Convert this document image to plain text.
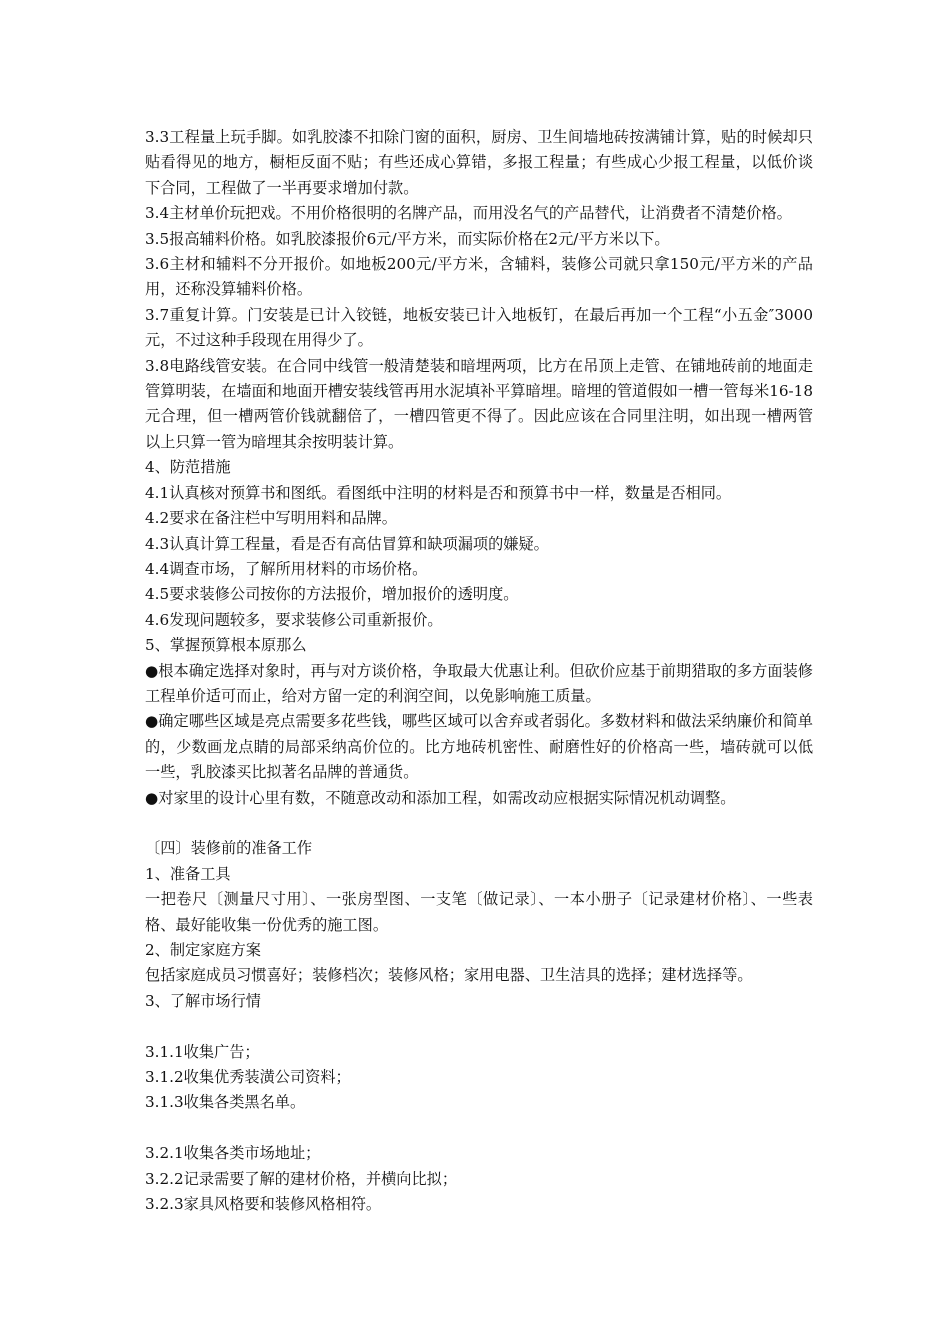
3.3工程量上玩手脚。如乳胶漆不扣除门窗的面积，厨房、卫生间墙地砖按满铺计算，贴的时候却只贴看得见的地方，橱柜反面不贴；有些还成心算错，多报工程量；有些成心少报工程量，以低价谈下合同，工程做了一半再要求增加付款。

3.4主材单价玩把戏。不用价格很明的名牌产品，而用没名气的产品替代，让消费者不清楚价格。

3.5报高辅料价格。如乳胶漆报价6元/平方米，而实际价格在2元/平方米以下。

3.6主材和辅料不分开报价。如地板200元/平方米，含辅料，装修公司就只拿150元/平方米的产品用，还称没算辅料价格。

3.7重复计算。门安装是已计入铰链，地板安装已计入地板钉，在最后再加一个工程“小五金″3000元，不过这种手段现在用得少了。

3.8电路线管安装。在合同中线管一般清楚装和暗埋两项，比方在吊顶上走管、在铺地砖前的地面走管算明装，在墙面和地面开槽安装线管再用水泥填补平算暗埋。暗埋的管道假如一槽一管每米16-18元合理，但一槽两管价钱就翻倍了，一槽四管更不得了。因此应该在合同里注明，如出现一槽两管以上只算一管为暗埋其余按明装计算。

4、防范措施

4.1认真核对预算书和图纸。看图纸中注明的材料是否和预算书中一样，数量是否相同。

4.2要求在备注栏中写明用料和品牌。

4.3认真计算工程量，看是否有高估冒算和缺项漏项的嫌疑。

4.4调查市场，了解所用材料的市场价格。

4.5要求装修公司按你的方法报价，增加报价的透明度。

4.6发现问题较多，要求装修公司重新报价。

5、掌握预算根本原那么

●根本确定选择对象时，再与对方谈价格，争取最大优惠让利。但砍价应基于前期猎取的多方面装修工程单价适可而止，给对方留一定的利润空间，以免影响施工质量。

●确定哪些区域是亮点需要多花些钱，哪些区域可以舍弃或者弱化。多数材料和做法采纳廉价和简单的，少数画龙点睛的局部采纳高价位的。比方地砖机密性、耐磨性好的价格高一些，墙砖就可以低一些，乳胶漆买比拟著名品牌的普通货。

●对家里的设计心里有数，不随意改动和添加工程，如需改动应根据实际情况机动调整。

〔四〕装修前的准备工作

1、准备工具

一把卷尺〔测量尺寸用〕、一张房型图、一支笔〔做记录〕、一本小册子〔记录建材价格〕、一些表格、最好能收集一份优秀的施工图。

2、制定家庭方案

包括家庭成员习惯喜好；装修档次；装修风格；家用电器、卫生洁具的选择；建材选择等。

3、了解市场行情

3.1.1收集广告；

3.1.2收集优秀装潢公司资料；

3.1.3收集各类黑名单。

3.2.1收集各类市场地址；

3.2.2记录需要了解的建材价格，并横向比拟；

3.2.3家具风格要和装修风格相符。
